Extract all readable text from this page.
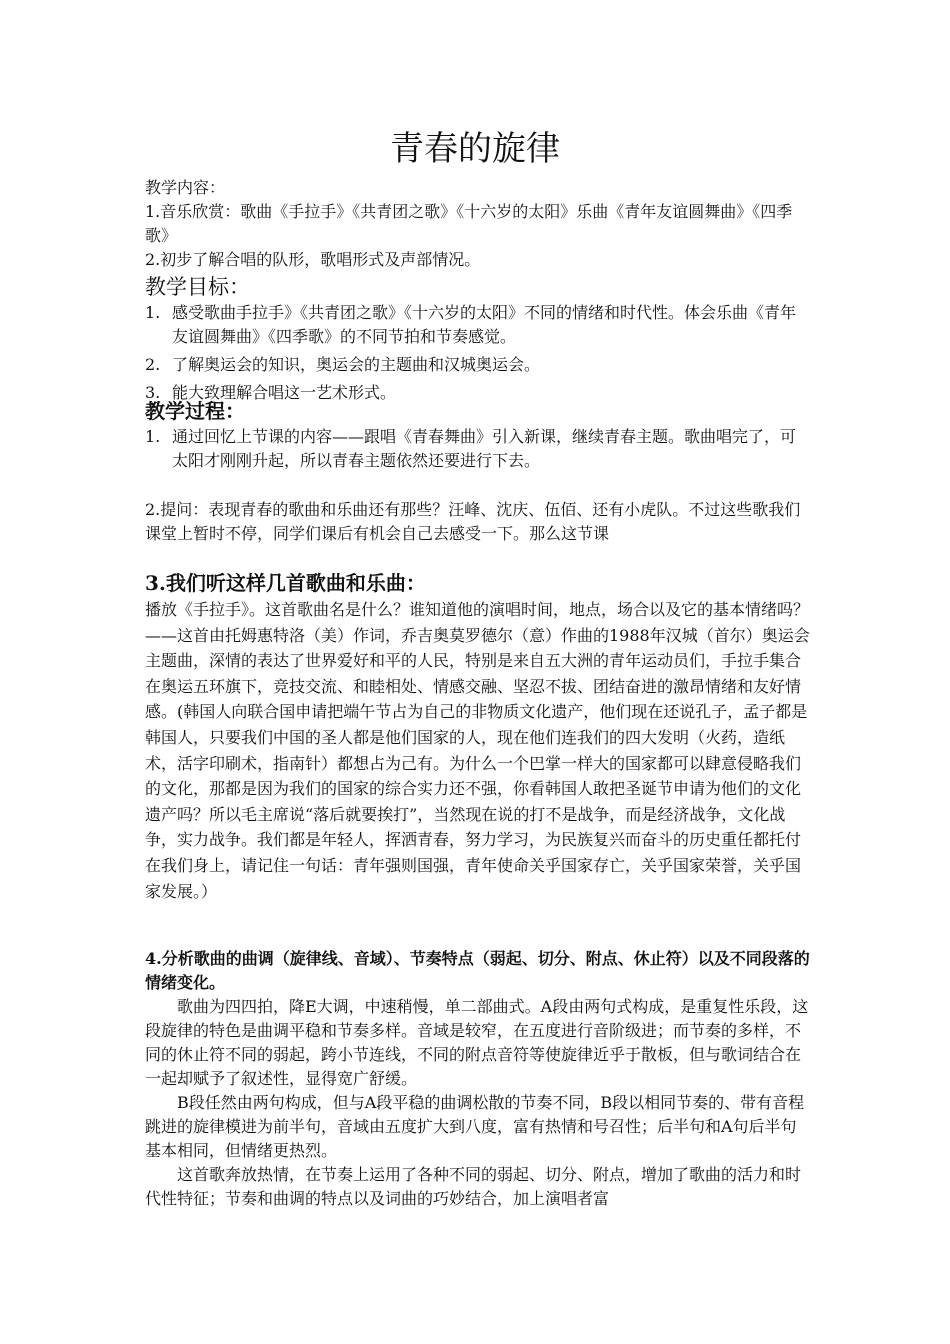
青春的旋律

教学内容：

1.音乐欣赏：歌曲《手拉手》《共青团之歌》《十六岁的太阳》乐曲《青年友谊圆舞曲》《四季歌》

2.初步了解合唱的队形，歌唱形式及声部情况。

教学目标：

1. 感受歌曲手拉手》《共青团之歌》《十六岁的太阳》不同的情绪和时代性。体会乐曲《青年友谊圆舞曲》《四季歌》的不同节拍和节奏感觉。
2. 了解奥运会的知识，奥运会的主题曲和汉城奥运会。
3. 能大致理解合唱这一艺术形式。

教学过程：

1. 通过回忆上节课的内容——跟唱《青春舞曲》引入新课，继续青春主题。歌曲唱完了，可太阳才刚刚升起，所以青春主题依然还要进行下去。

2.提问：表现青春的歌曲和乐曲还有那些？汪峰、沈庆、伍佰、还有小虎队。不过这些歌我们课堂上暂时不停，同学们课后有机会自己去感受一下。那么这节课

3.我们听这样几首歌曲和乐曲：

播放《手拉手》。这首歌曲名是什么？谁知道他的演唱时间，地点，场合以及它的基本情绪吗？——这首由托姆惠特洛（美）作词，乔吉奥莫罗德尔（意）作曲的1988年汉城（首尔）奥运会主题曲，深情的表达了世界爱好和平的人民，特别是来自五大洲的青年运动员们，手拉手集合在奥运五环旗下，竞技交流、和睦相处、情感交融、坚忍不拔、团结奋进的激昂情绪和友好情感。(韩国人向联合国申请把端午节占为自己的非物质文化遗产，他们现在还说孔子，孟子都是韩国人，只要我们中国的圣人都是他们国家的人，现在他们连我们的四大发明（火药，造纸术，活字印刷术，指南针）都想占为己有。为什么一个巴掌一样大的国家都可以肆意侵略我们的文化，那都是因为我们的国家的综合实力还不强，你看韩国人敢把圣诞节申请为他们的文化遗产吗？所以毛主席说“落后就要挨打”，当然现在说的打不是战争，而是经济战争，文化战争，实力战争。我们都是年轻人，挥洒青春，努力学习，为民族复兴而奋斗的历史重任都托付在我们身上，请记住一句话：青年强则国强，青年使命关乎国家存亡，关乎国家荣誉，关乎国家发展。）

4.分析歌曲的曲调（旋律线、音域）、节奏特点（弱起、切分、附点、休止符）以及不同段落的情绪变化。

歌曲为四四拍，降E大调，中速稍慢，单二部曲式。A段由两句式构成，是重复性乐段，这段旋律的特色是曲调平稳和节奏多样。音域是较窄，在五度进行音阶级进；而节奏的多样，不同的休止符不同的弱起，跨小节连线，不同的附点音符等使旋律近乎于散板，但与歌词结合在一起却赋予了叙述性，显得宽广舒缓。

B段任然由两句构成，但与A段平稳的曲调松散的节奏不同，B段以相同节奏的、带有音程跳进的旋律模进为前半句，音域由五度扩大到八度，富有热情和号召性；后半句和A句后半句基本相同，但情绪更热烈。

这首歌奔放热情，在节奏上运用了各种不同的弱起、切分、附点，增加了歌曲的活力和时代性特征；节奏和曲调的特点以及词曲的巧妙结合，加上演唱者富
